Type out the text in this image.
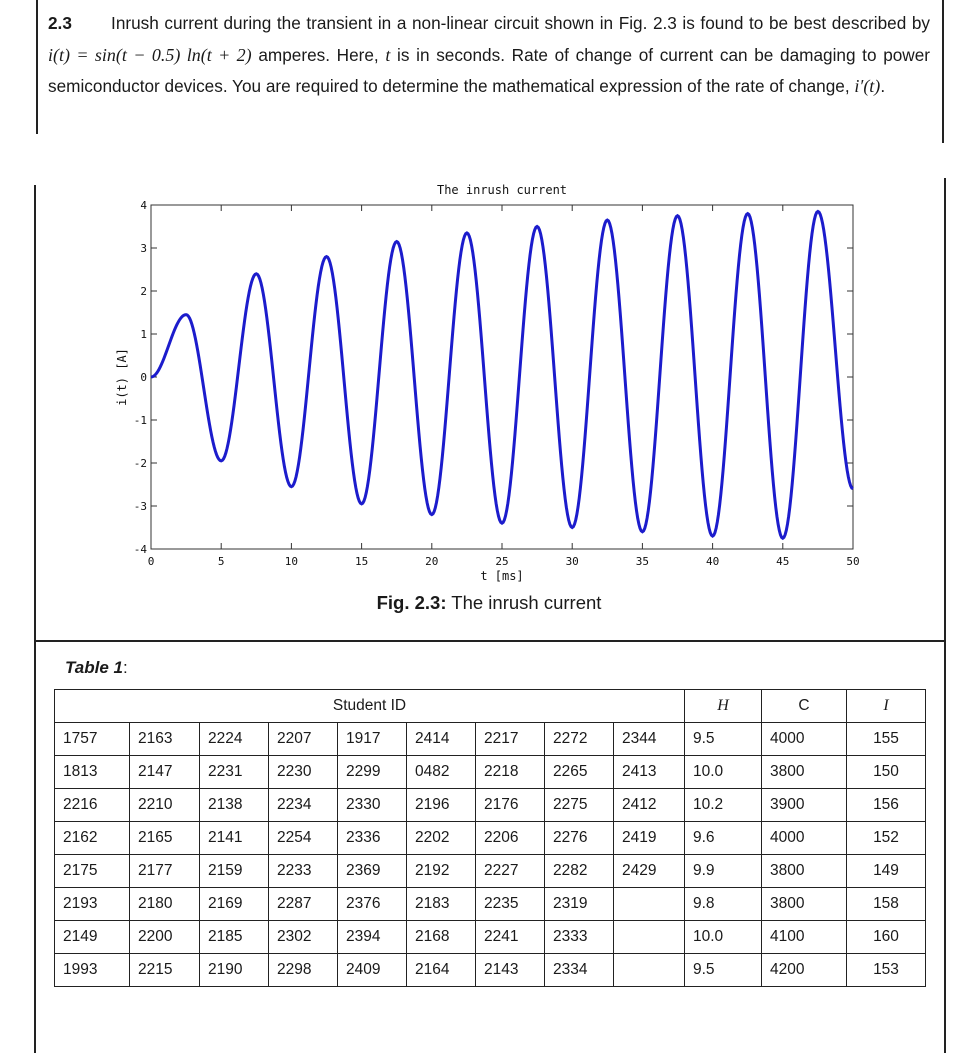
2.3 Inrush current during the transient in a non-linear circuit shown in Fig. 2.3 is found to be best described by i(t) = sin(t − 0.5) ln(t + 2) amperes. Here, t is in seconds. Rate of change of current can be damaging to power semiconductor devices. You are required to determine the mathematical expression of the rate of change, i′(t).
The inrush current
t [ms]
i(t) [A]
0	5	10	15	20	25	30	35	40	45	50
-4
-3
-2
-1
0
1
2
3
4
Fig. 2.3: The inrush current
Table 1:
Student ID									H	C	I
1757	2163	2224	2207	1917	2414	2217	2272	2344	9.5	4000	155
1813	2147	2231	2230	2299	0482	2218	2265	2413	10.0	3800	150
2216	2210	2138	2234	2330	2196	2176	2275	2412	10.2	3900	156
2162	2165	2141	2254	2336	2202	2206	2276	2419	9.6	4000	152
2175	2177	2159	2233	2369	2192	2227	2282	2429	9.9	3800	149
2193	2180	2169	2287	2376	2183	2235	2319		9.8	3800	158
2149	2200	2185	2302	2394	2168	2241	2333		10.0	4100	160
1993	2215	2190	2298	2409	2164	2143	2334		9.5	4200	153
